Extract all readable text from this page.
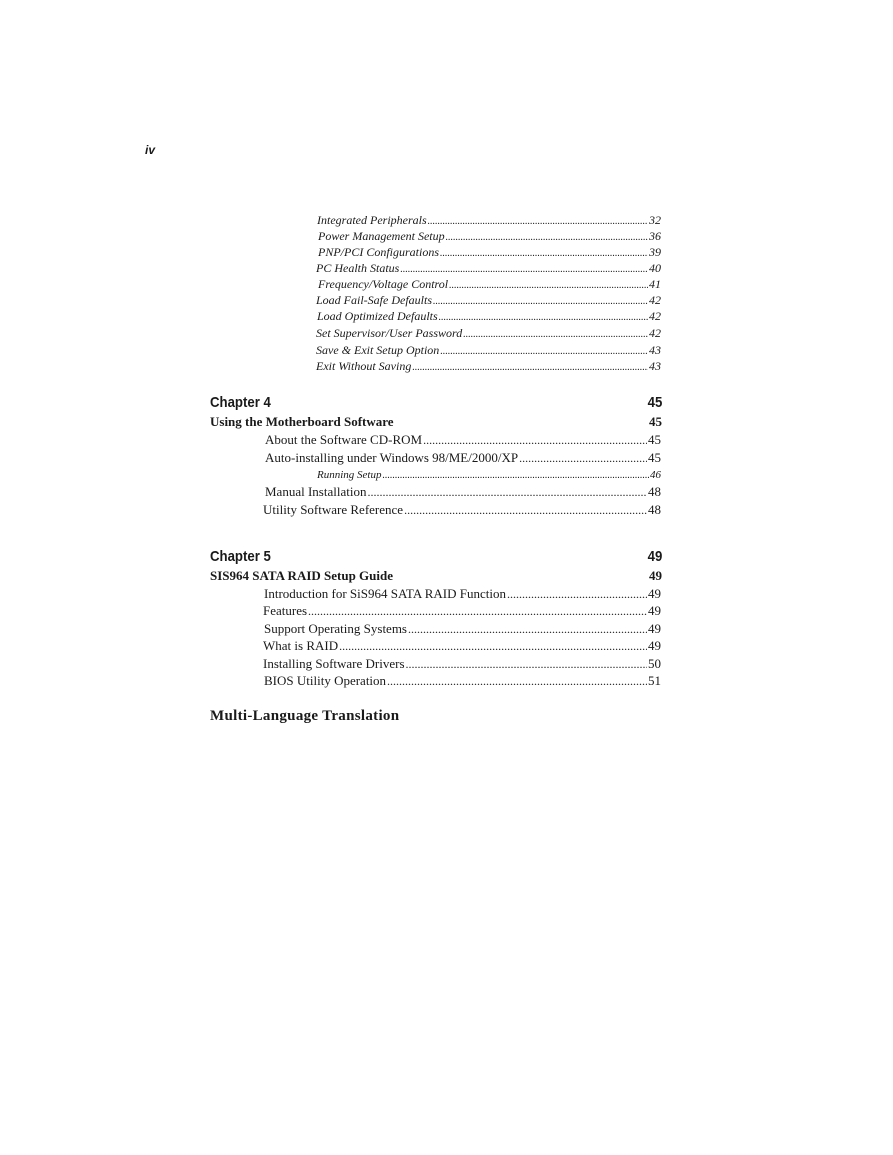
iv
Integrated Peripherals .....	32
Power Management Setup .....	36
PNP/PCI Configurations .....	39
PC Health Status .....	40
Frequency/Voltage Control .....	41
Load Fail-Safe Defaults .....	42
Load Optimized Defaults .....	42
Set Supervisor/User Password .....	42
Save & Exit Setup Option .....	43
Exit Without Saving .....	43
Chapter 4	45
Using the Motherboard Software	45
About the Software CD-ROM .....	45
Auto-installing under Windows 98/ME/2000/XP .....	45
Running Setup .....	46
Manual Installation .....	48
Utility Software Reference .....	48
Chapter 5	49
SIS964 SATA RAID Setup Guide	49
Introduction for SiS964 SATA RAID Function .....	49
Features .....	49
Support Operating Systems .....	49
What is RAID .....	49
Installing Software Drivers .....	50
BIOS Utility Operation .....	51
Multi-Language Translation
